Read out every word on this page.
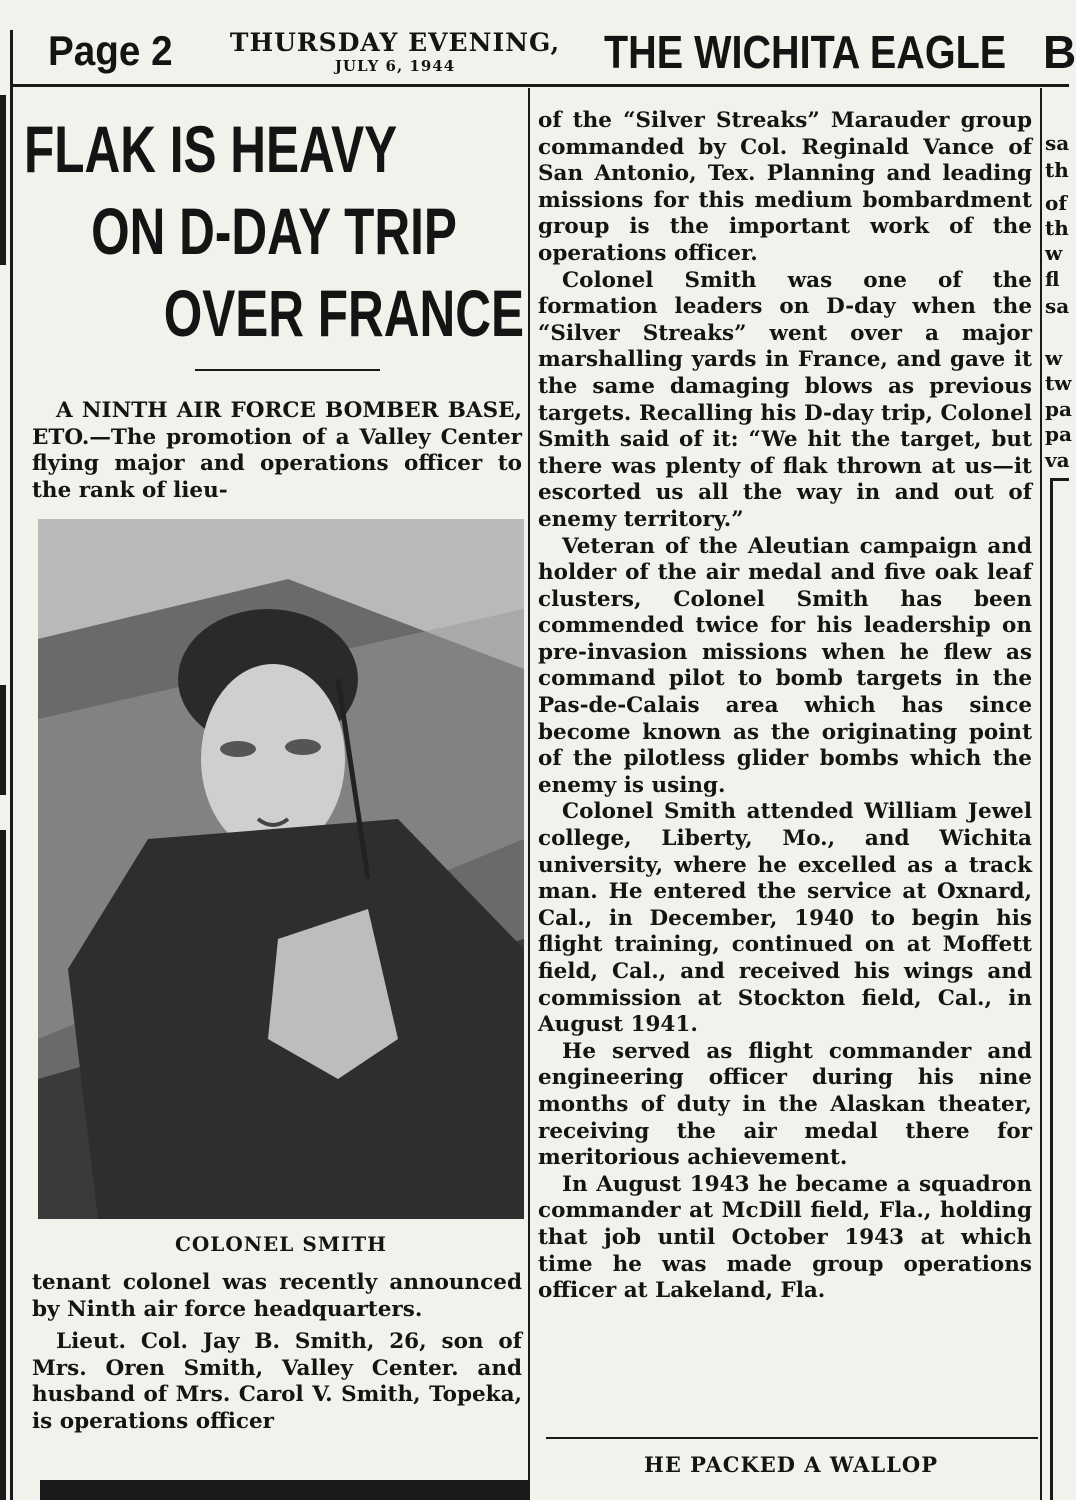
Page 2 THURSDAY EVENING,
JULY 6, 1944	THE WICHITA EAGLE B
FLAK IS HEAVY
ON D-DAY TRIP
OVER FRANCE

A NINTH AIR FORCE BOMBER BASE, ETO.—The promotion of a Valley Center flying major and operations officer to the rank of lieu-

COLONEL SMITH

tenant colonel was recently announced by Ninth air force headquarters.

Lieut. Col. Jay B. Smith, 26, son of Mrs. Oren Smith, Valley Center. and husband of Mrs. Carol V. Smith, Topeka, is operations officer

of the “Silver Streaks” Marauder group commanded by Col. Reginald Vance of San Antonio, Tex. Planning and leading missions for this medium bombardment group is the important work of the operations officer.

Colonel Smith was one of the formation leaders on D-day when the “Silver Streaks” went over a major marshalling yards in France, and gave it the same damaging blows as previous targets. Recalling his D-day trip, Colonel Smith said of it: “We hit the target, but there was plenty of flak thrown at us—it escorted us all the way in and out of enemy territory.”

Veteran of the Aleutian campaign and holder of the air medal and five oak leaf clusters, Colonel Smith has been commended twice for his leadership on pre-invasion missions when he flew as command pilot to bomb targets in the Pas-de-Calais area which has since become known as the originating point of the pilotless glider bombs which the enemy is using.

Colonel Smith attended William Jewel college, Liberty, Mo., and Wichita university, where he excelled as a track man. He entered the service at Oxnard, Cal., in December, 1940 to begin his flight training, continued on at Moffett field, Cal., and received his wings and commission at Stockton field, Cal., in August 1941.

He served as flight commander and engineering officer during his nine months of duty in the Alaskan theater, receiving the air medal there for meritorious achievement.

In August 1943 he became a squadron commander at McDill field, Fla., holding that job until October 1943 at which time he was made group operations officer at Lakeland, Fla.

HE PACKED A WALLOP
sa
th
of
th
w
fl
sa
w
tw
pa
pa
va
